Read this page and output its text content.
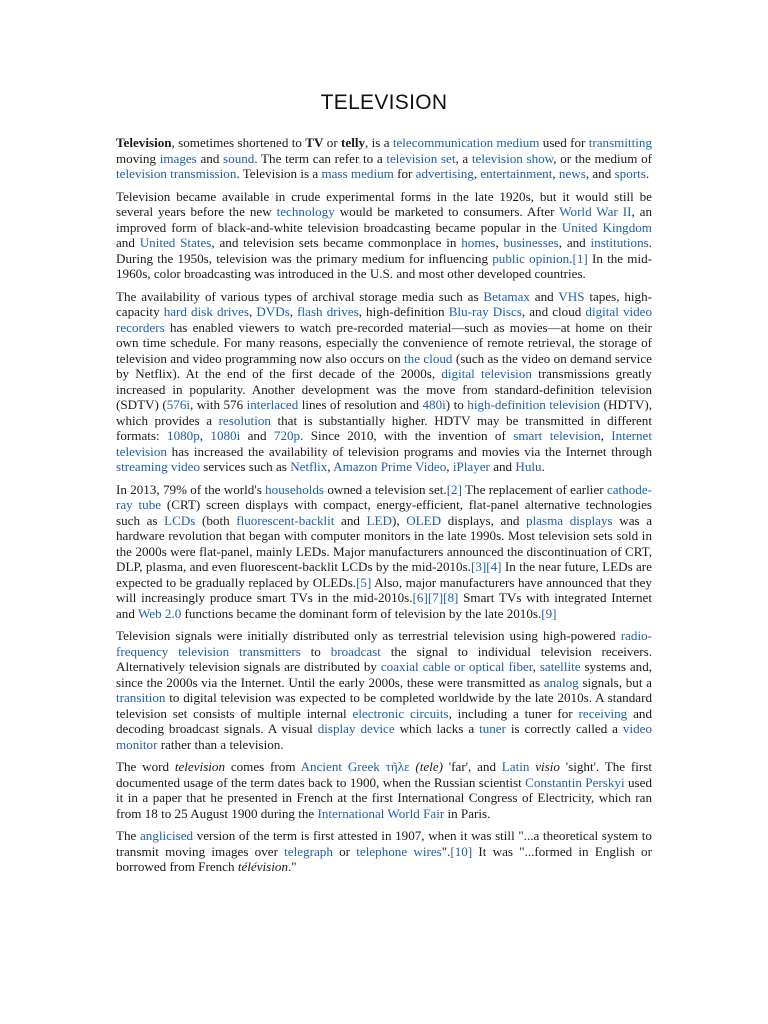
TELEVISION

Television, sometimes shortened to TV or telly, is a telecommunication medium used for transmitting moving images and sound. The term can refer to a television set, a television show, or the medium of television transmission. Television is a mass medium for advertising, entertainment, news, and sports.

Television became available in crude experimental forms in the late 1920s, but it would still be several years before the new technology would be marketed to consumers. After World War II, an improved form of black-and-white television broadcasting became popular in the United Kingdom and United States, and television sets became commonplace in homes, businesses, and institutions. During the 1950s, television was the primary medium for influencing public opinion.[1] In the mid-1960s, color broadcasting was introduced in the U.S. and most other developed countries.

The availability of various types of archival storage media such as Betamax and VHS tapes, high-capacity hard disk drives, DVDs, flash drives, high-definition Blu-ray Discs, and cloud digital video recorders has enabled viewers to watch pre-recorded material—such as movies—at home on their own time schedule. For many reasons, especially the convenience of remote retrieval, the storage of television and video programming now also occurs on the cloud (such as the video on demand service by Netflix). At the end of the first decade of the 2000s, digital television transmissions greatly increased in popularity. Another development was the move from standard-definition television (SDTV) (576i, with 576 interlaced lines of resolution and 480i) to high-definition television (HDTV), which provides a resolution that is substantially higher. HDTV may be transmitted in different formats: 1080p, 1080i and 720p. Since 2010, with the invention of smart television, Internet television has increased the availability of television programs and movies via the Internet through streaming video services such as Netflix, Amazon Prime Video, iPlayer and Hulu.

In 2013, 79% of the world's households owned a television set.[2] The replacement of earlier cathode-ray tube (CRT) screen displays with compact, energy-efficient, flat-panel alternative technologies such as LCDs (both fluorescent-backlit and LED), OLED displays, and plasma displays was a hardware revolution that began with computer monitors in the late 1990s. Most television sets sold in the 2000s were flat-panel, mainly LEDs. Major manufacturers announced the discontinuation of CRT, DLP, plasma, and even fluorescent-backlit LCDs by the mid-2010s.[3][4] In the near future, LEDs are expected to be gradually replaced by OLEDs.[5] Also, major manufacturers have announced that they will increasingly produce smart TVs in the mid-2010s.[6][7][8] Smart TVs with integrated Internet and Web 2.0 functions became the dominant form of television by the late 2010s.[9]

Television signals were initially distributed only as terrestrial television using high-powered radio-frequency television transmitters to broadcast the signal to individual television receivers. Alternatively television signals are distributed by coaxial cable or optical fiber, satellite systems and, since the 2000s via the Internet. Until the early 2000s, these were transmitted as analog signals, but a transition to digital television was expected to be completed worldwide by the late 2010s. A standard television set consists of multiple internal electronic circuits, including a tuner for receiving and decoding broadcast signals. A visual display device which lacks a tuner is correctly called a video monitor rather than a television.

The word television comes from Ancient Greek τῆλε (tele) 'far', and Latin visio 'sight'. The first documented usage of the term dates back to 1900, when the Russian scientist Constantin Perskyi used it in a paper that he presented in French at the first International Congress of Electricity, which ran from 18 to 25 August 1900 during the International World Fair in Paris.

The anglicised version of the term is first attested in 1907, when it was still "...a theoretical system to transmit moving images over telegraph or telephone wires".[10] It was "...formed in English or borrowed from French télévision."
